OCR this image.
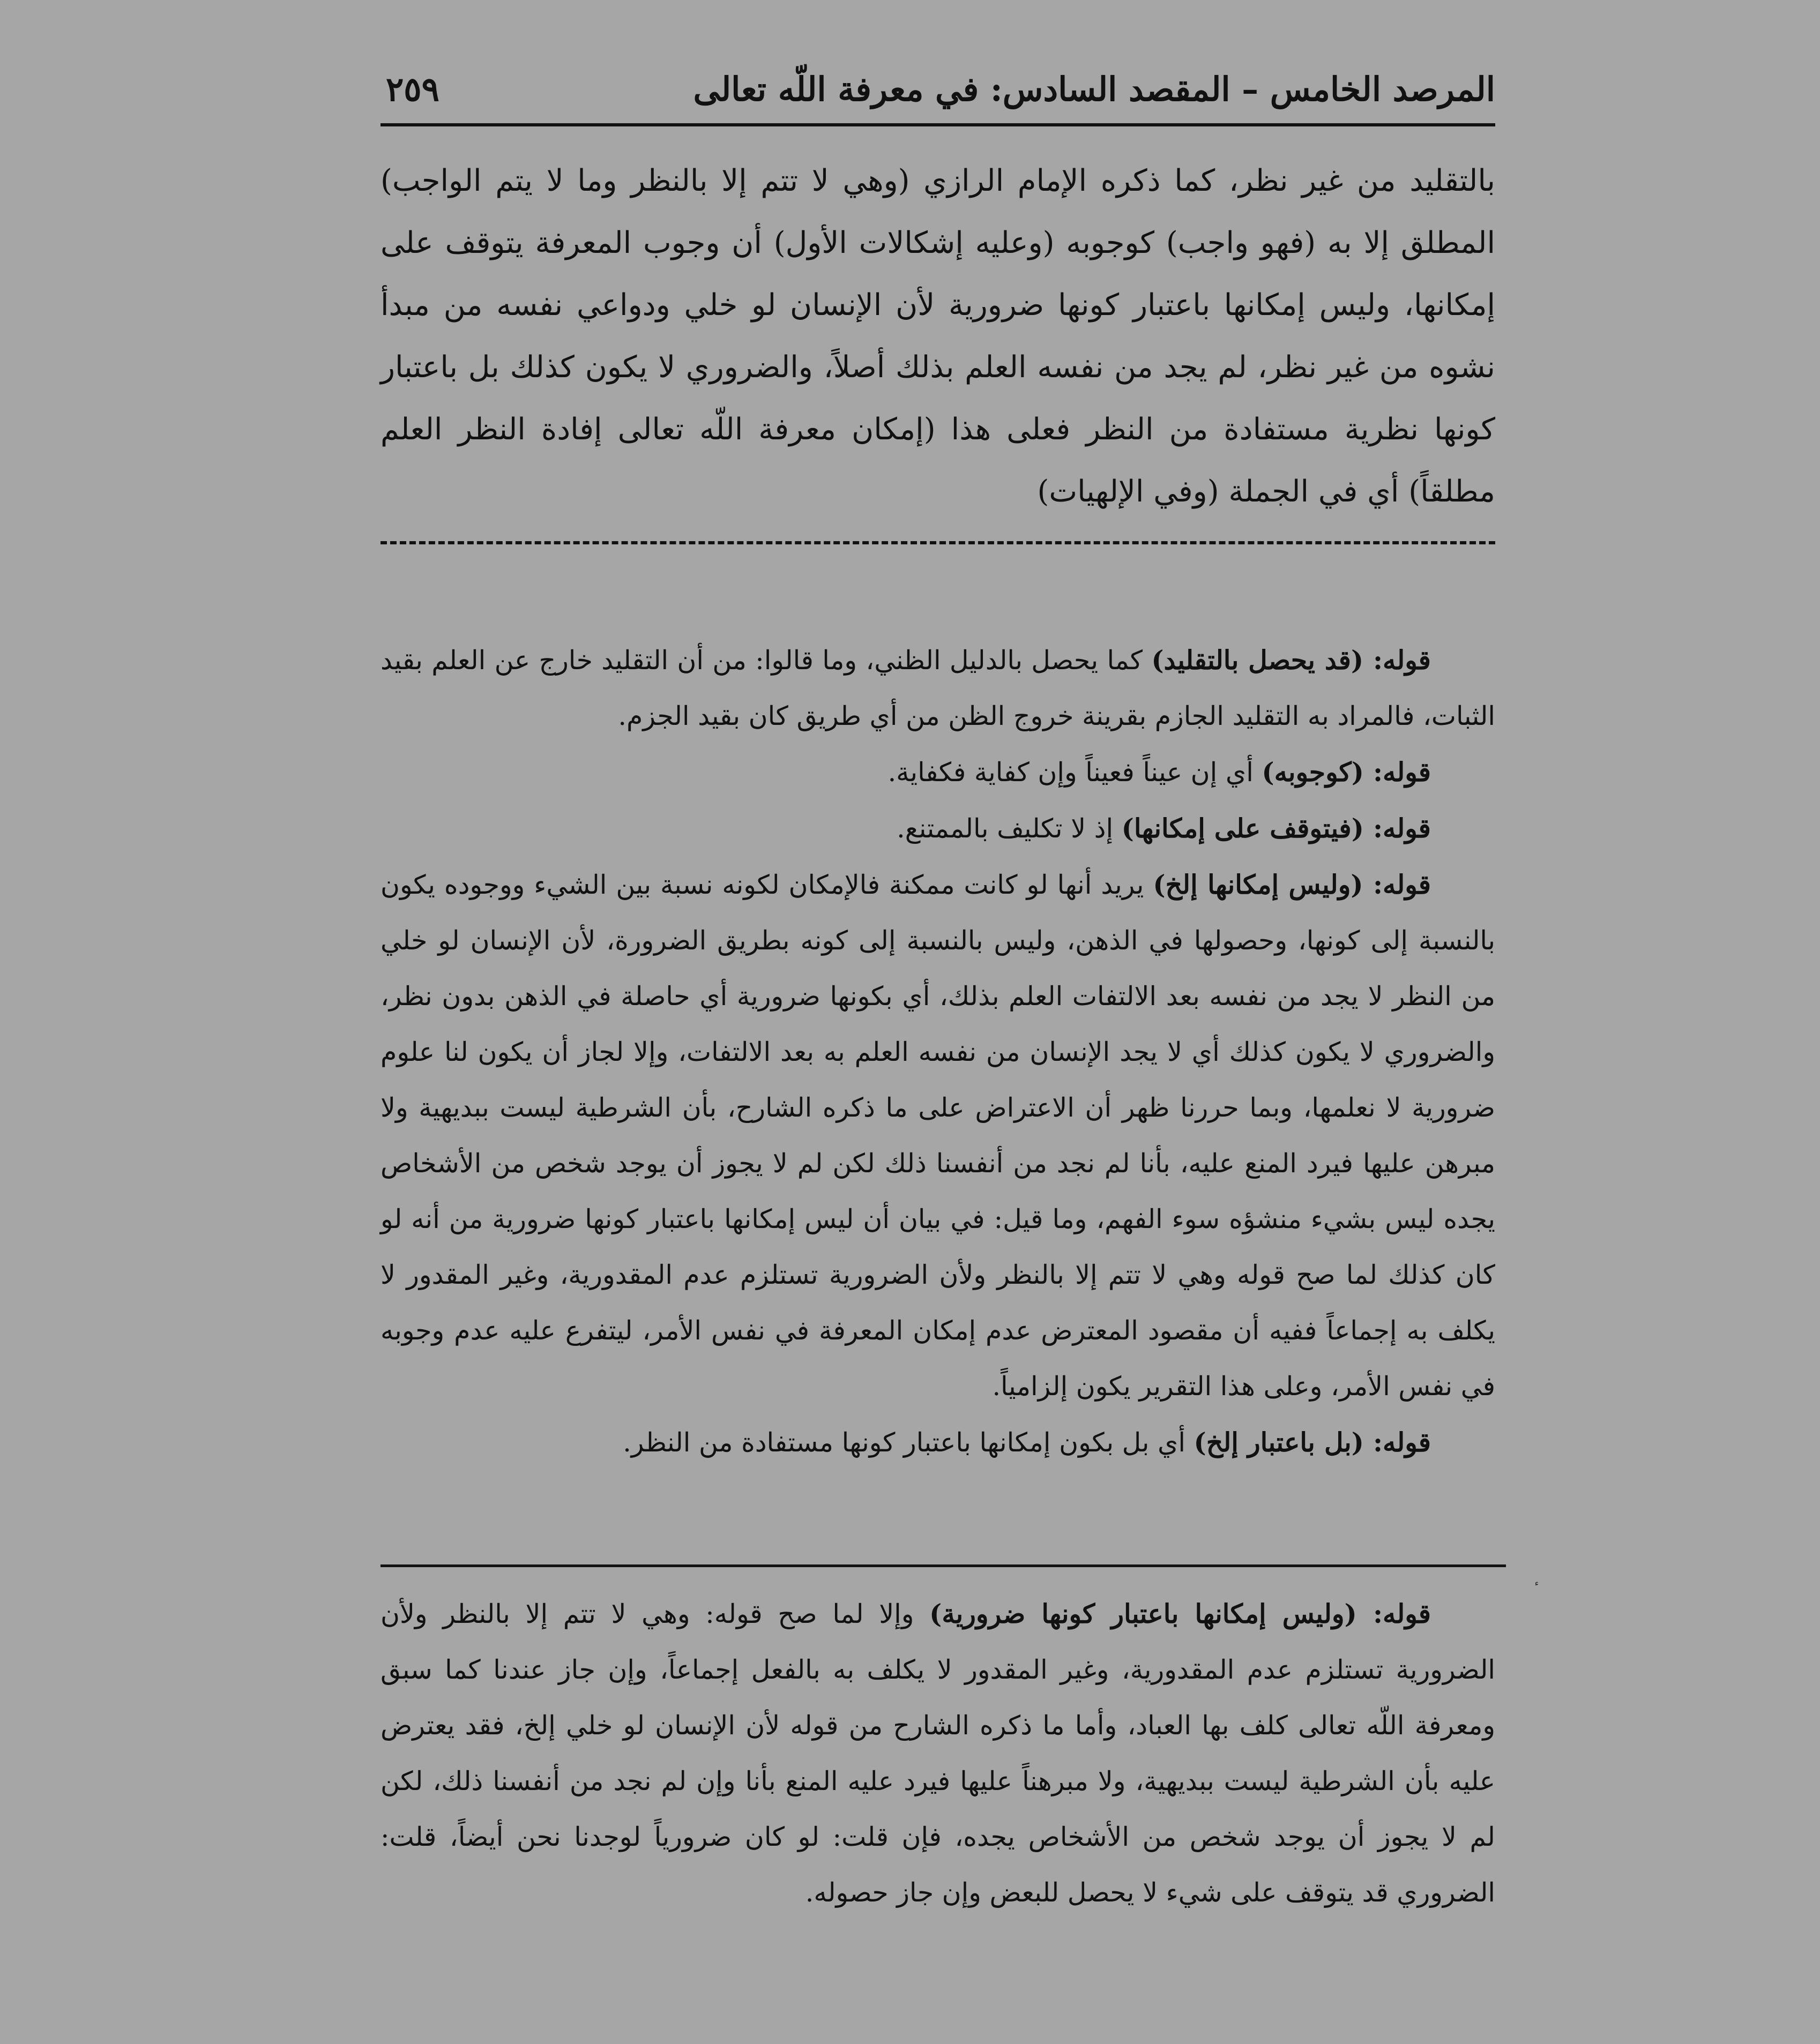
المرصد الخامس – المقصد السادس: في معرفة اللّه تعالى
٢٥٩
بالتقليد من غير نظر، كما ذكره الإمام الرازي (وهي لا تتم إلا بالنظر وما لا يتم الواجب) المطلق إلا به (فهو واجب) كوجوبه (وعليه إشكالات الأول) أن وجوب المعرفة يتوقف على إمكانها، وليس إمكانها باعتبار كونها ضرورية لأن الإنسان لو خلي ودواعي نفسه من مبدأ نشوه من غير نظر، لم يجد من نفسه العلم بذلك أصلاً، والضروري لا يكون كذلك بل باعتبار كونها نظرية مستفادة من النظر فعلى هذا (إمكان معرفة اللّه تعالى إفادة النظر العلم مطلقاً) أي في الجملة (وفي الإلهيات)

قوله: (قد يحصل بالتقليد) كما يحصل بالدليل الظني، وما قالوا: من أن التقليد خارج عن العلم بقيد الثبات، فالمراد به التقليد الجازم بقرينة خروج الظن من أي طريق كان بقيد الجزم.

قوله: (كوجوبه) أي إن عيناً فعيناً وإن كفاية فكفاية.

قوله: (فيتوقف على إمكانها) إذ لا تكليف بالممتنع.

قوله: (وليس إمكانها إلخ) يريد أنها لو كانت ممكنة فالإمكان لكونه نسبة بين الشيء ووجوده يكون بالنسبة إلى كونها، وحصولها في الذهن، وليس بالنسبة إلى كونه بطريق الضرورة، لأن الإنسان لو خلي من النظر لا يجد من نفسه بعد الالتفات العلم بذلك، أي بكونها ضرورية أي حاصلة في الذهن بدون نظر، والضروري لا يكون كذلك أي لا يجد الإنسان من نفسه العلم به بعد الالتفات، وإلا لجاز أن يكون لنا علوم ضرورية لا نعلمها، وبما حررنا ظهر أن الاعتراض على ما ذكره الشارح، بأن الشرطية ليست ببديهية ولا مبرهن عليها فيرد المنع عليه، بأنا لم نجد من أنفسنا ذلك لكن لم لا يجوز أن يوجد شخص من الأشخاص يجده ليس بشيء منشؤه سوء الفهم، وما قيل: في بيان أن ليس إمكانها باعتبار كونها ضرورية من أنه لو كان كذلك لما صح قوله وهي لا تتم إلا بالنظر ولأن الضرورية تستلزم عدم المقدورية، وغير المقدور لا يكلف به إجماعاً ففيه أن مقصود المعترض عدم إمكان المعرفة في نفس الأمر، ليتفرع عليه عدم وجوبه في نفس الأمر، وعلى هذا التقرير يكون إلزامياً.

قوله: (بل باعتبار إلخ) أي بل بكون إمكانها باعتبار كونها مستفادة من النظر.

قوله: (وليس إمكانها باعتبار كونها ضرورية) وإلا لما صح قوله: وهي لا تتم إلا بالنظر ولأن الضرورية تستلزم عدم المقدورية، وغير المقدور لا يكلف به بالفعل إجماعاً، وإن جاز عندنا كما سبق ومعرفة اللّه تعالى كلف بها العباد، وأما ما ذكره الشارح من قوله لأن الإنسان لو خلي إلخ، فقد يعترض عليه بأن الشرطية ليست ببديهية، ولا مبرهناً عليها فيرد عليه المنع بأنا وإن لم نجد من أنفسنا ذلك، لكن لم لا يجوز أن يوجد شخص من الأشخاص يجده، فإن قلت: لو كان ضرورياً لوجدنا نحن أيضاً، قلت: الضروري قد يتوقف على شيء لا يحصل للبعض وإن جاز حصوله.
